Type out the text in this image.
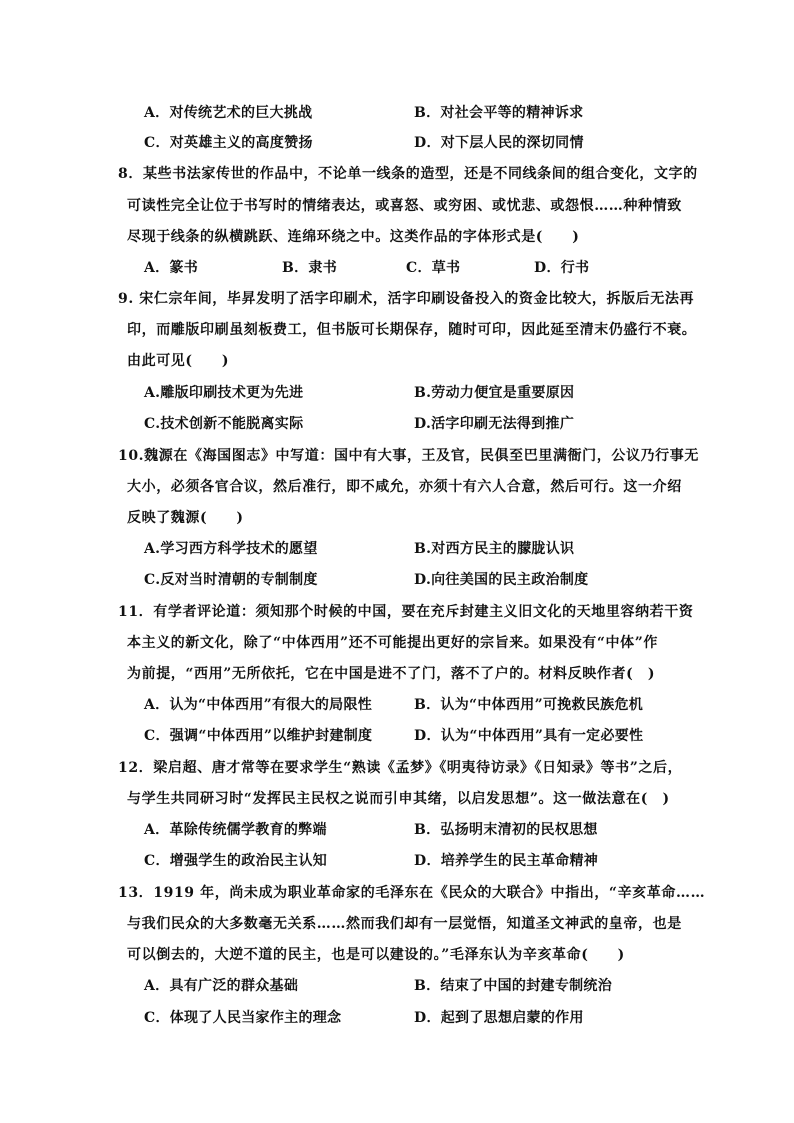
A．对传统艺术的巨大挑战	B．对社会平等的精神诉求
C．对英雄主义的高度赞扬	D．对下层人民的深切同情
8．某些书法家传世的作品中，不论单一线条的造型，还是不同线条间的组合变化，文字的
可读性完全让位于书写时的情绪表达，或喜怒、或穷困、或忧悲、或怨恨……种种情致
尽现于线条的纵横跳跃、连绵环绕之中。这类作品的字体形式是(　　)
A．篆书	B．隶书	C．草书	D．行书
9. 宋仁宗年间，毕昇发明了活字印刷术，活字印刷设备投入的资金比较大，拆版后无法再
印，而雕版印刷虽刻板费工，但书版可长期保存，随时可印，因此延至清末仍盛行不衰。
由此可见(　　)
A.雕版印刷技术更为先进	B.劳动力便宜是重要原因
C.技术创新不能脱离实际	D.活字印刷无法得到推广
10.魏源在《海国图志》中写道：国中有大事，王及官，民俱至巴里满衙门，公议乃行事无
大小，必须各官合议，然后准行，即不咸允，亦须十有六人合意，然后可行。这一介绍
反映了魏源(　　)
A.学习西方科学技术的愿望	B.对西方民主的朦胧认识
C.反对当时清朝的专制制度	D.向往美国的民主政治制度
11．有学者评论道：须知那个时候的中国，要在充斥封建主义旧文化的天地里容纳若干资
本主义的新文化，除了“中体西用”还不可能提出更好的宗旨来。如果没有“中体”作
为前提，“西用”无所依托，它在中国是进不了门，落不了户的。材料反映作者(　)
A．认为“中体西用”有很大的局限性	B．认为“中体西用”可挽救民族危机
C．强调“中体西用”以维护封建制度	D．认为“中体西用”具有一定必要性
12．梁启超、唐才常等在要求学生“熟读《孟梦》《明夷待访录》《日知录》等书”之后，
与学生共同研习时“发挥民主民权之说而引申其绪，以启发思想”。这一做法意在(　)
A．革除传统儒学教育的弊端	B．弘扬明末清初的民权思想
C．增强学生的政治民主认知	D．培养学生的民主革命精神
13．1919 年，尚未成为职业革命家的毛泽东在《民众的大联合》中指出，“辛亥革命……
与我们民众的大多数毫无关系……然而我们却有一层觉悟，知道圣文神武的皇帝，也是
可以倒去的，大逆不道的民主，也是可以建设的。”毛泽东认为辛亥革命(　　)
A．具有广泛的群众基础	B．结束了中国的封建专制统治
C．体现了人民当家作主的理念	D．起到了思想启蒙的作用
